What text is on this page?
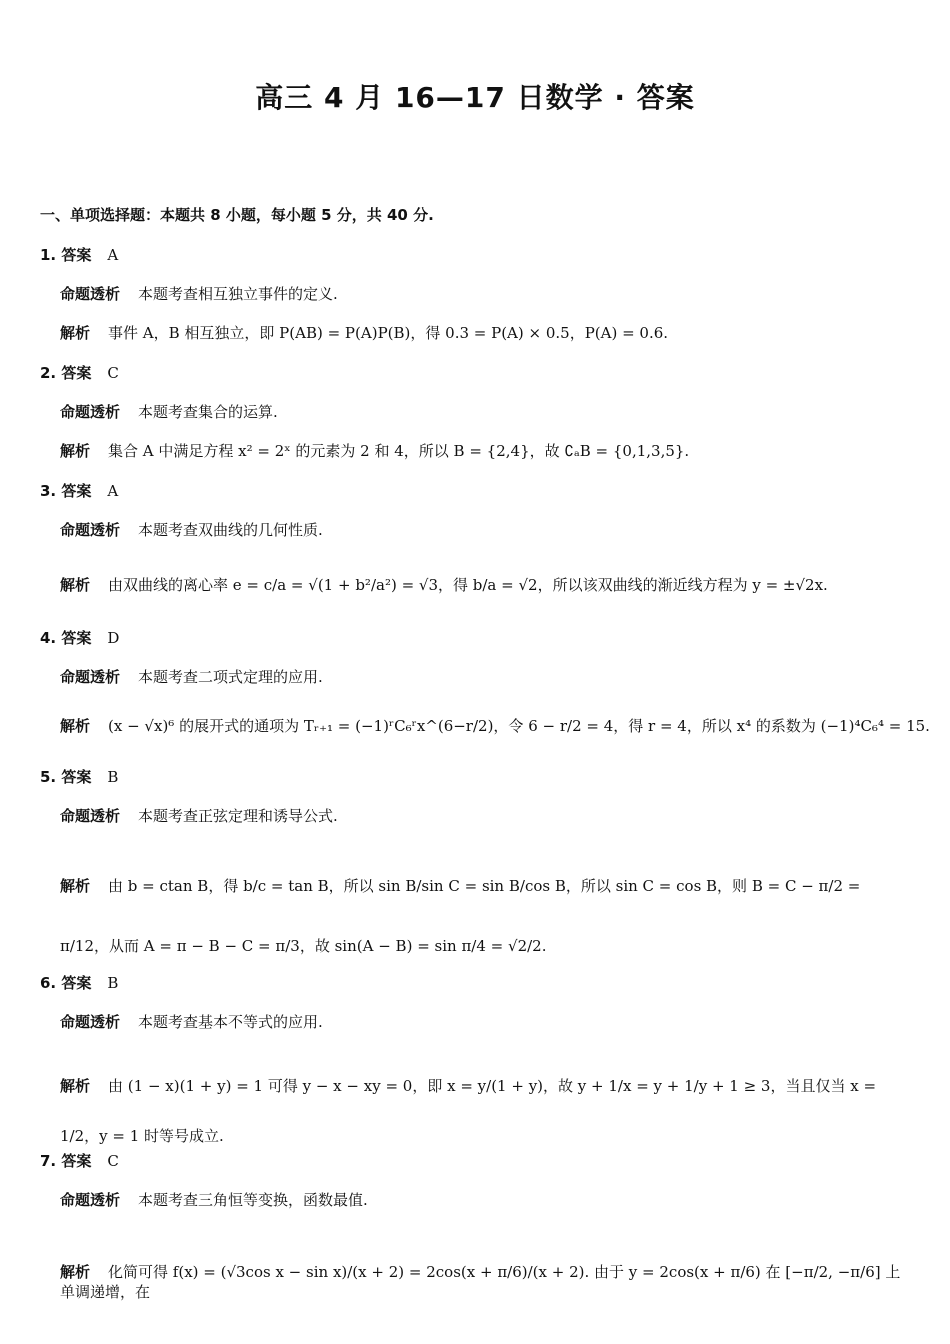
高三 4 月 16—17 日数学 · 答案
一、单项选择题：本题共 8 小题，每小题 5 分，共 40 分.
1. 答案 A
命题透析 本题考查相互独立事件的定义.
解析 事件 A，B 相互独立，即 P(AB) = P(A)P(B)，得 0.3 = P(A) × 0.5，P(A) = 0.6.
2. 答案 C
命题透析 本题考查集合的运算.
解析 集合 A 中满足方程 x² = 2ˣ 的元素为 2 和 4，所以 B = {2,4}，故 ∁ₐB = {0,1,3,5}.
3. 答案 A
命题透析 本题考查双曲线的几何性质.
解析 由双曲线的离心率 e = c/a = √(1 + b²/a²) = √3，得 b/a = √2，所以该双曲线的渐近线方程为 y = ±√2x.
4. 答案 D
命题透析 本题考查二项式定理的应用.
解析 (x − √x)⁶ 的展开式的通项为 Tᵣ₊₁ = (−1)ʳC₆ʳx^(6−r/2)，令 6 − r/2 = 4，得 r = 4，所以 x⁴ 的系数为 (−1)⁴C₆⁴ = 15.
5. 答案 B
命题透析 本题考查正弦定理和诱导公式.
解析 由 b = ctan B，得 b/c = tan B，所以 sin B/sin C = sin B/cos B，所以 sin C = cos B，则 B = C − π/2 = π/12，从而 A = π − B − C = π/3，故 sin(A − B) = sin π/4 = √2/2.
6. 答案 B
命题透析 本题考查基本不等式的应用.
解析 由 (1 − x)(1 + y) = 1 可得 y − x − xy = 0，即 x = y/(1 + y)，故 y + 1/x = y + 1/y + 1 ≥ 3，当且仅当 x = 1/2，y = 1 时等号成立.
7. 答案 C
命题透析 本题考查三角恒等变换，函数最值.
解析 化简可得 f(x) = (√3cos x − sin x)/(x + 2) = 2cos(x + π/6)/(x + 2). 由于 y = 2cos(x + π/6) 在 [−π/2, −π/6] 上单调递增，在
